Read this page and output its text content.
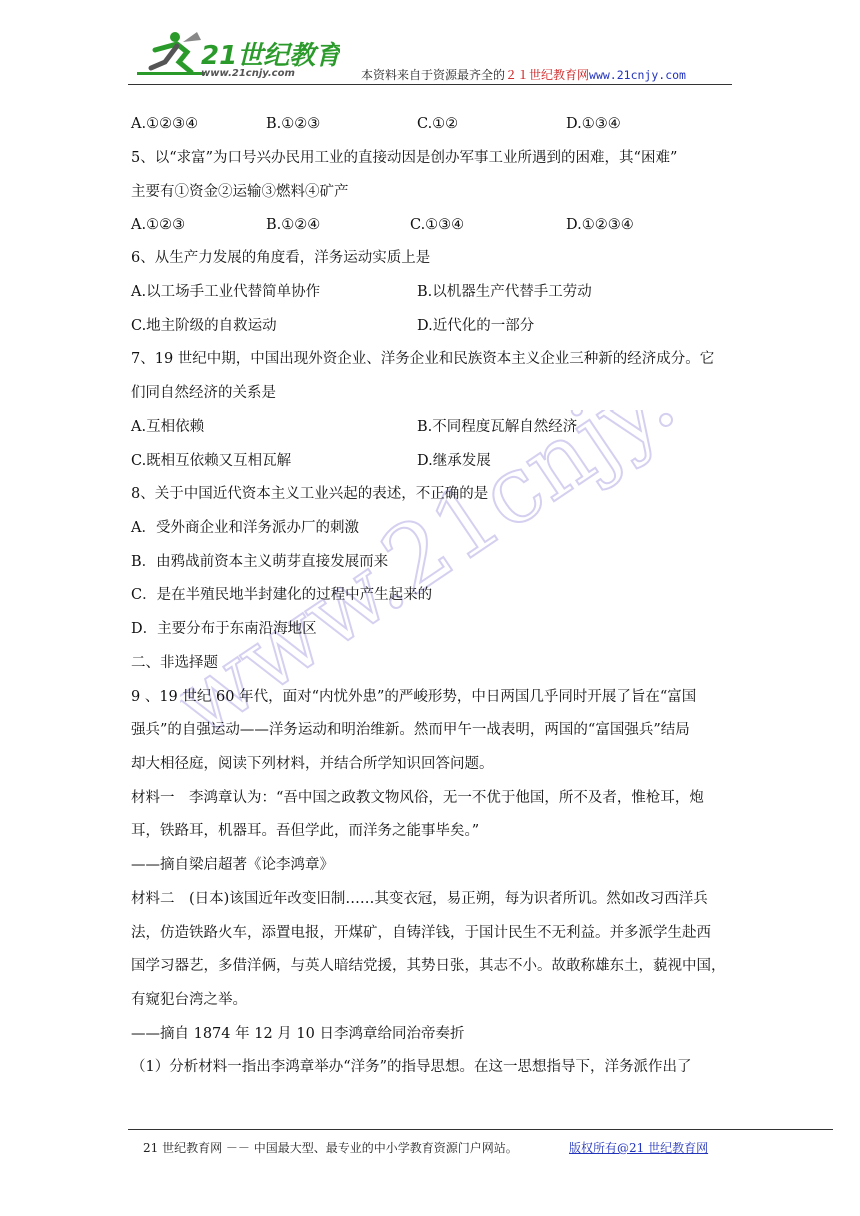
21世纪教育
www.21cnjy.com	本资料来自于资源最齐全的２１世纪教育网www.21cnjy.com
www.21cnjy.com
A.①②③④	B.①②③	C.①②	D.①③④
5、以“求富”为口号兴办民用工业的直接动因是创办军事工业所遇到的困难，其“困难”
主要有①资金②运输③燃料④矿产
A.①②③	B.①②④	C.①③④	D.①②③④
6、从生产力发展的角度看，洋务运动实质上是
A.以工场手工业代替简单协作	B.以机器生产代替手工劳动
C.地主阶级的自救运动	D.近代化的一部分
7、19 世纪中期，中国出现外资企业、洋务企业和民族资本主义企业三种新的经济成分。它
们同自然经济的关系是
A.互相依赖	B.不同程度瓦解自然经济
C.既相互依赖又互相瓦解	D.继承发展
8、关于中国近代资本主义工业兴起的表述，不正确的是
A．受外商企业和洋务派办厂的刺激
B．由鸦战前资本主义萌芽直接发展而来
C．是在半殖民地半封建化的过程中产生起来的
D．主要分布于东南沿海地区
二、非选择题
9 、19 世纪 60 年代，面对“内忧外患”的严峻形势，中日两国几乎同时开展了旨在“富国
强兵”的自强运动——洋务运动和明治维新。然而甲午一战表明，两国的“富国强兵”结局
却大相径庭，阅读下列材料，并结合所学知识回答问题。
材料一　李鸿章认为：“吾中国之政教文物风俗，无一不优于他国，所不及者，惟枪耳，炮
耳，铁路耳，机器耳。吾但学此，而洋务之能事毕矣。”
——摘自梁启超著《论李鸿章》
材料二　(日本)该国近年改变旧制……其变衣冠，易正朔，每为识者所讥。然如改习西洋兵
法，仿造铁路火车，添置电报，开煤矿，自铸洋钱，于国计民生不无利益。并多派学生赴西
国学习器艺，多借洋俩，与英人暗结党援，其势日张，其志不小。故敢称雄东土，藐视中国，
有窥犯台湾之举。
——摘自 1874 年 12 月 10 日李鸿章给同治帝奏折
（1）分析材料一指出李鸿章举办“洋务”的指导思想。在这一思想指导下，洋务派作出了
21 世纪教育网 －－ 中国最大型、最专业的中小学教育资源门户网站。	版权所有@21 世纪教育网
